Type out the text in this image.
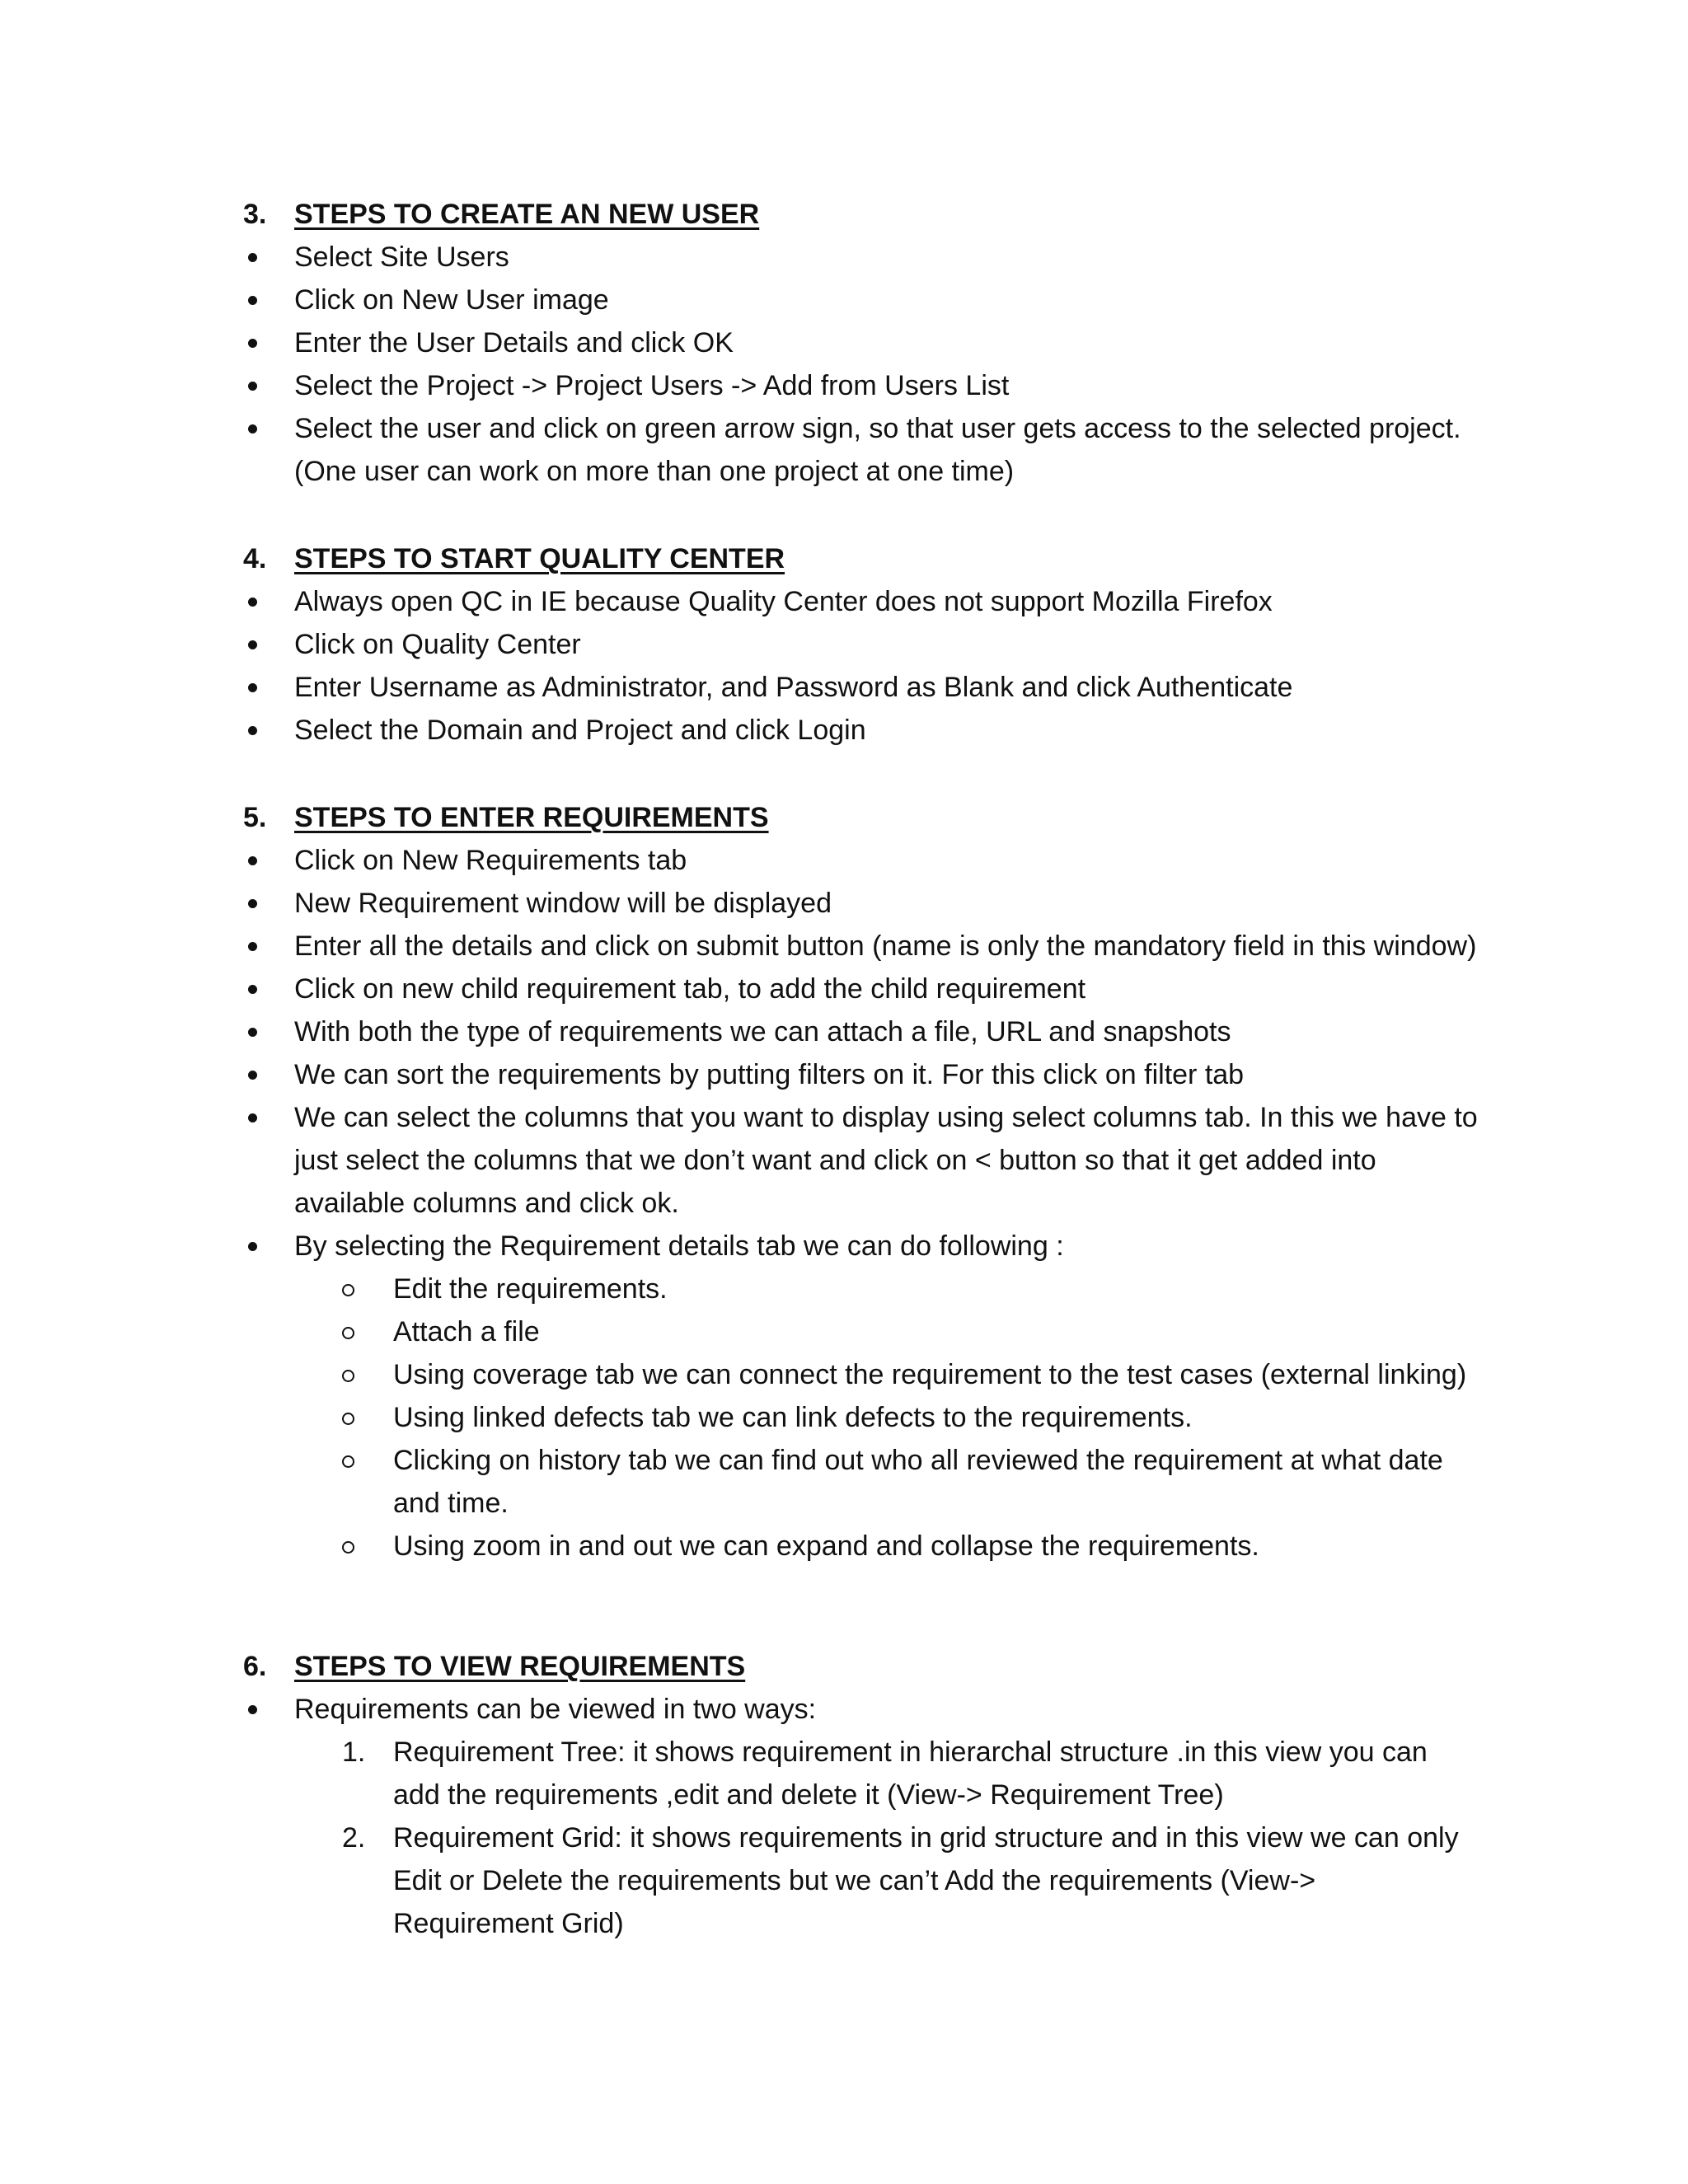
3. STEPS TO CREATE AN NEW USER
Select Site Users
Click on New User image
Enter the User Details and click OK
Select the Project -> Project Users -> Add from Users List
Select the user and click on green arrow sign, so that user gets access to the selected project. (One user can work on more than one project at one time)
4. STEPS TO START QUALITY CENTER
Always open QC in IE because Quality Center does not support Mozilla Firefox
Click on Quality Center
Enter Username as Administrator, and Password as Blank and click Authenticate
Select the Domain and Project and click Login
5. STEPS TO ENTER REQUIREMENTS
Click on New Requirements tab
New Requirement window will be displayed
Enter all the details and click on submit button (name is only the mandatory field in this window)
Click on new child requirement tab, to add the child requirement
With both the type of requirements we can attach a file, URL and snapshots
We can sort the requirements by putting filters on it. For this click on filter tab
We can select the columns that you want to display using select columns tab. In this we have to just select the columns that we don’t want and click on < button so that it get added into available columns and click ok.
By selecting the Requirement details tab we can do following :
Edit the requirements.
Attach a file
Using coverage tab we can connect the requirement to the test cases (external linking)
Using linked defects tab we can link defects to the requirements.
Clicking on history tab we can find out who all reviewed the requirement at what date and time.
Using zoom in and out we can expand and collapse the requirements.
6. STEPS TO VIEW REQUIREMENTS
Requirements can be viewed in two ways:
1. Requirement Tree: it shows requirement in hierarchal structure .in this view you can add the requirements ,edit and delete it (View-> Requirement Tree)
2. Requirement Grid: it shows requirements in grid structure and in this view we can only Edit or Delete the requirements but we can’t Add the requirements (View-> Requirement Grid)
